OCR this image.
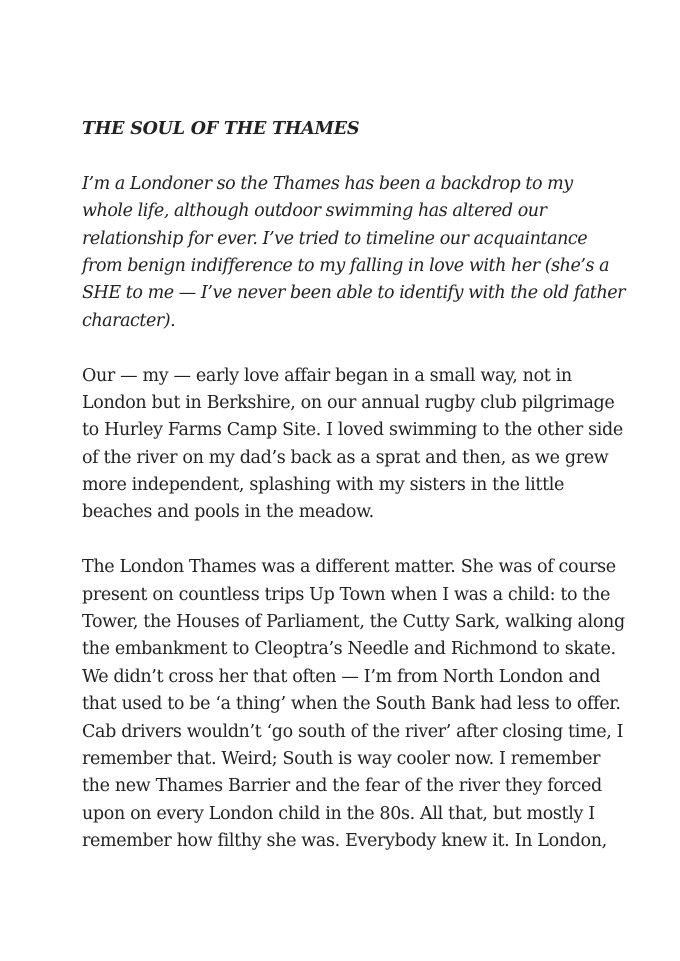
THE SOUL OF THE THAMES
I’m a Londoner so the Thames has been a backdrop to my
whole life, although outdoor swimming has altered our
relationship for ever. I’ve tried to timeline our acquaintance
from benign indifference to my falling in love with her (she’s a
SHE to me — I’ve never been able to identify with the old father
character).
Our — my — early love affair began in a small way, not in
London but in Berkshire, on our annual rugby club pilgrimage
to Hurley Farms Camp Site. I loved swimming to the other side
of the river on my dad’s back as a sprat and then, as we grew
more independent, splashing with my sisters in the little
beaches and pools in the meadow.
The London Thames was a different matter. She was of course
present on countless trips Up Town when I was a child: to the
Tower, the Houses of Parliament, the Cutty Sark, walking along
the embankment to Cleoptra’s Needle and Richmond to skate.
We didn’t cross her that often — I’m from North London and
that used to be ‘a thing’ when the South Bank had less to offer.
Cab drivers wouldn’t ‘go south of the river’ after closing time, I
remember that. Weird; South is way cooler now. I remember
the new Thames Barrier and the fear of the river they forced
upon on every London child in the 80s. All that, but mostly I
remember how filthy she was. Everybody knew it. In London,
